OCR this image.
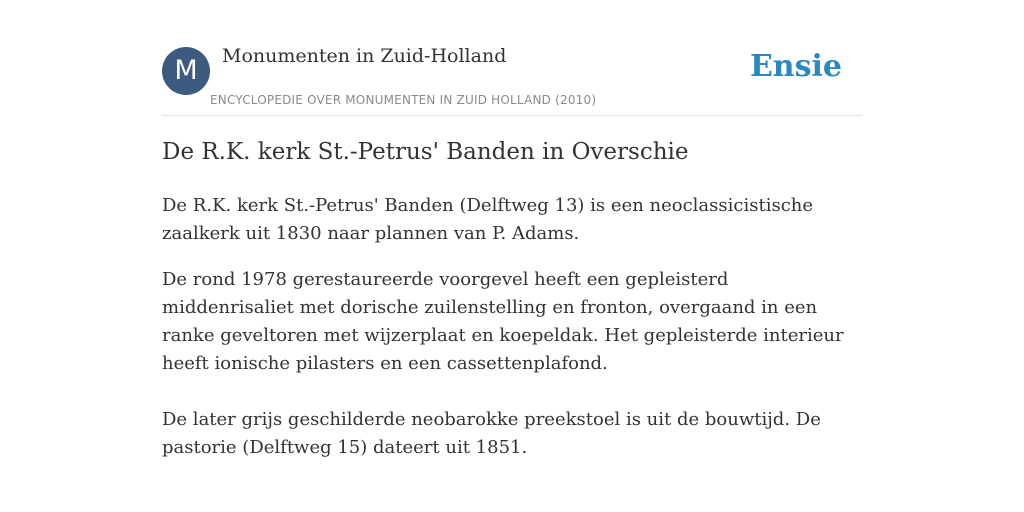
M	Monumenten in Zuid-Holland
ENCYCLOPEDIE OVER MONUMENTEN IN ZUID HOLLAND (2010)
Ensie
De R.K. kerk St.-Petrus' Banden in Overschie

De R.K. kerk St.-Petrus' Banden (Delftweg 13) is een neoclassicistische zaalkerk uit 1830 naar plannen van P. Adams.

De rond 1978 gerestaureerde voorgevel heeft een gepleisterd middenrisaliet met dorische zuilenstelling en fronton, overgaand in een ranke geveltoren met wijzerplaat en koepeldak. Het gepleisterde interieur heeft ionische pilasters en een cassettenplafond.

De later grijs geschilderde neobarokke preekstoel is uit de bouwtijd. De pastorie (Delftweg 15) dateert uit 1851.
